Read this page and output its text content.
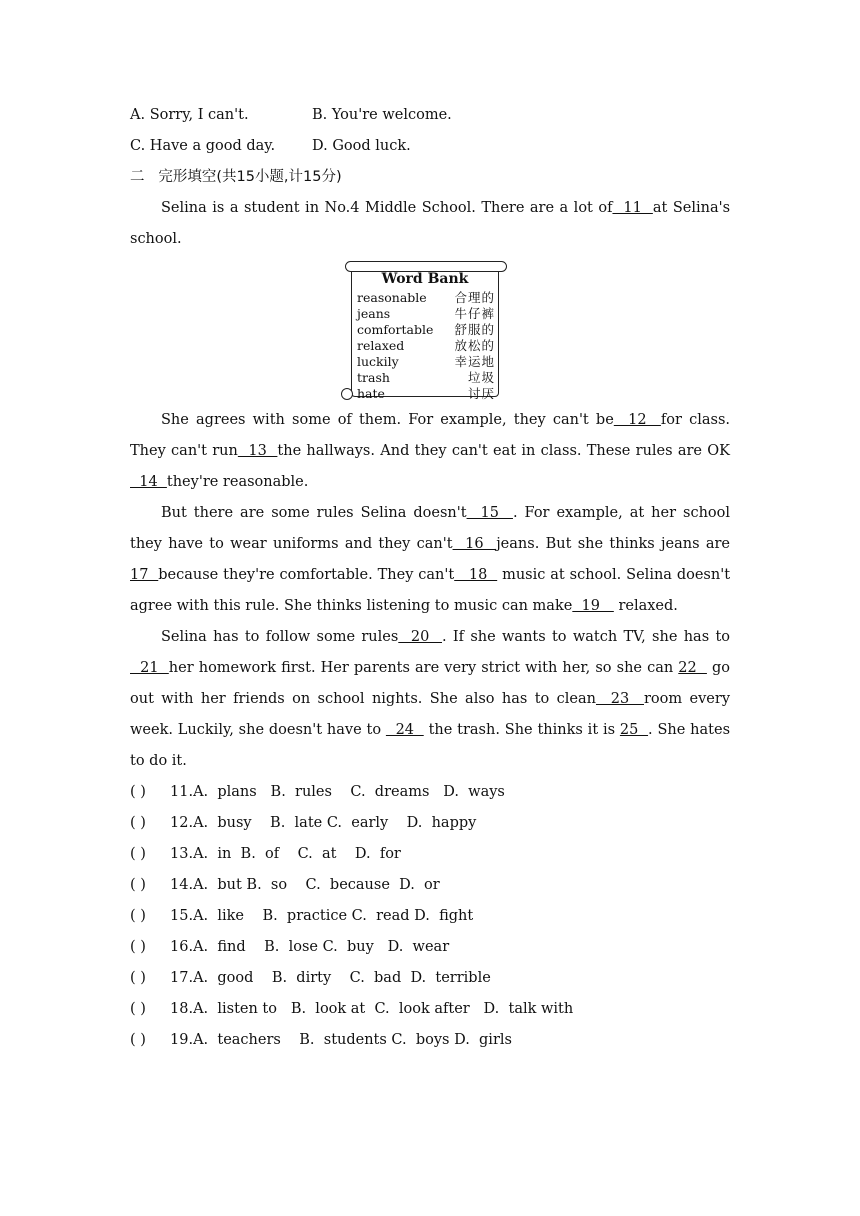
A. Sorry, I can't.	B. You're welcome.
C. Have a good day.	D. Good luck.
二 完形填空(共15小题,计15分)

Selina is a student in No.4 Middle School. There are a lot of  11  at Selina's school.

Word Bank
reasonable 合理的
jeans	牛仔裤
comfortable 舒服的
relaxed	放松的
luckily	幸运地
trash	垃圾
hate	讨厌

She agrees with some of them. For example, they can't be  12  for class. They can't run  13  the hallways. And they can't eat in class. These rules are OK  14  they're reasonable.

But there are some rules Selina doesn't  15  . For example, at her school they have to wear uniforms and they can't  16  jeans. But she thinks jeans are 17  because they're comfortable. They can't   18   music at school. Selina doesn't agree with this rule. She thinks listening to music can make  19    relaxed.

Selina has to follow some rules  20  . If she wants to watch TV, she has to  21  her homework first. Her parents are very strict with her, so she can 22   go out with her friends on school nights. She also has to clean  23  room every week. Luckily, she doesn't have to   24   the trash. She thinks it is 25  . She hates to do it.

( ) 11.A.  plans   B.  rules    C.  dreams   D.  ways
( ) 12.A.  busy    B.  late C.  early    D.  happy
( ) 13.A.  in  B.  of    C.  at    D.  for
( ) 14.A.  but B.  so    C.  because  D.  or
( ) 15.A.  like    B.  practice C.  read D.  fight
( ) 16.A.  find    B.  lose C.  buy   D.  wear
( ) 17.A.  good    B.  dirty    C.  bad  D.  terrible
( ) 18.A.  listen to   B.  look at  C.  look after   D.  talk with
( ) 19.A.  teachers    B.  students C.  boys D.  girls
